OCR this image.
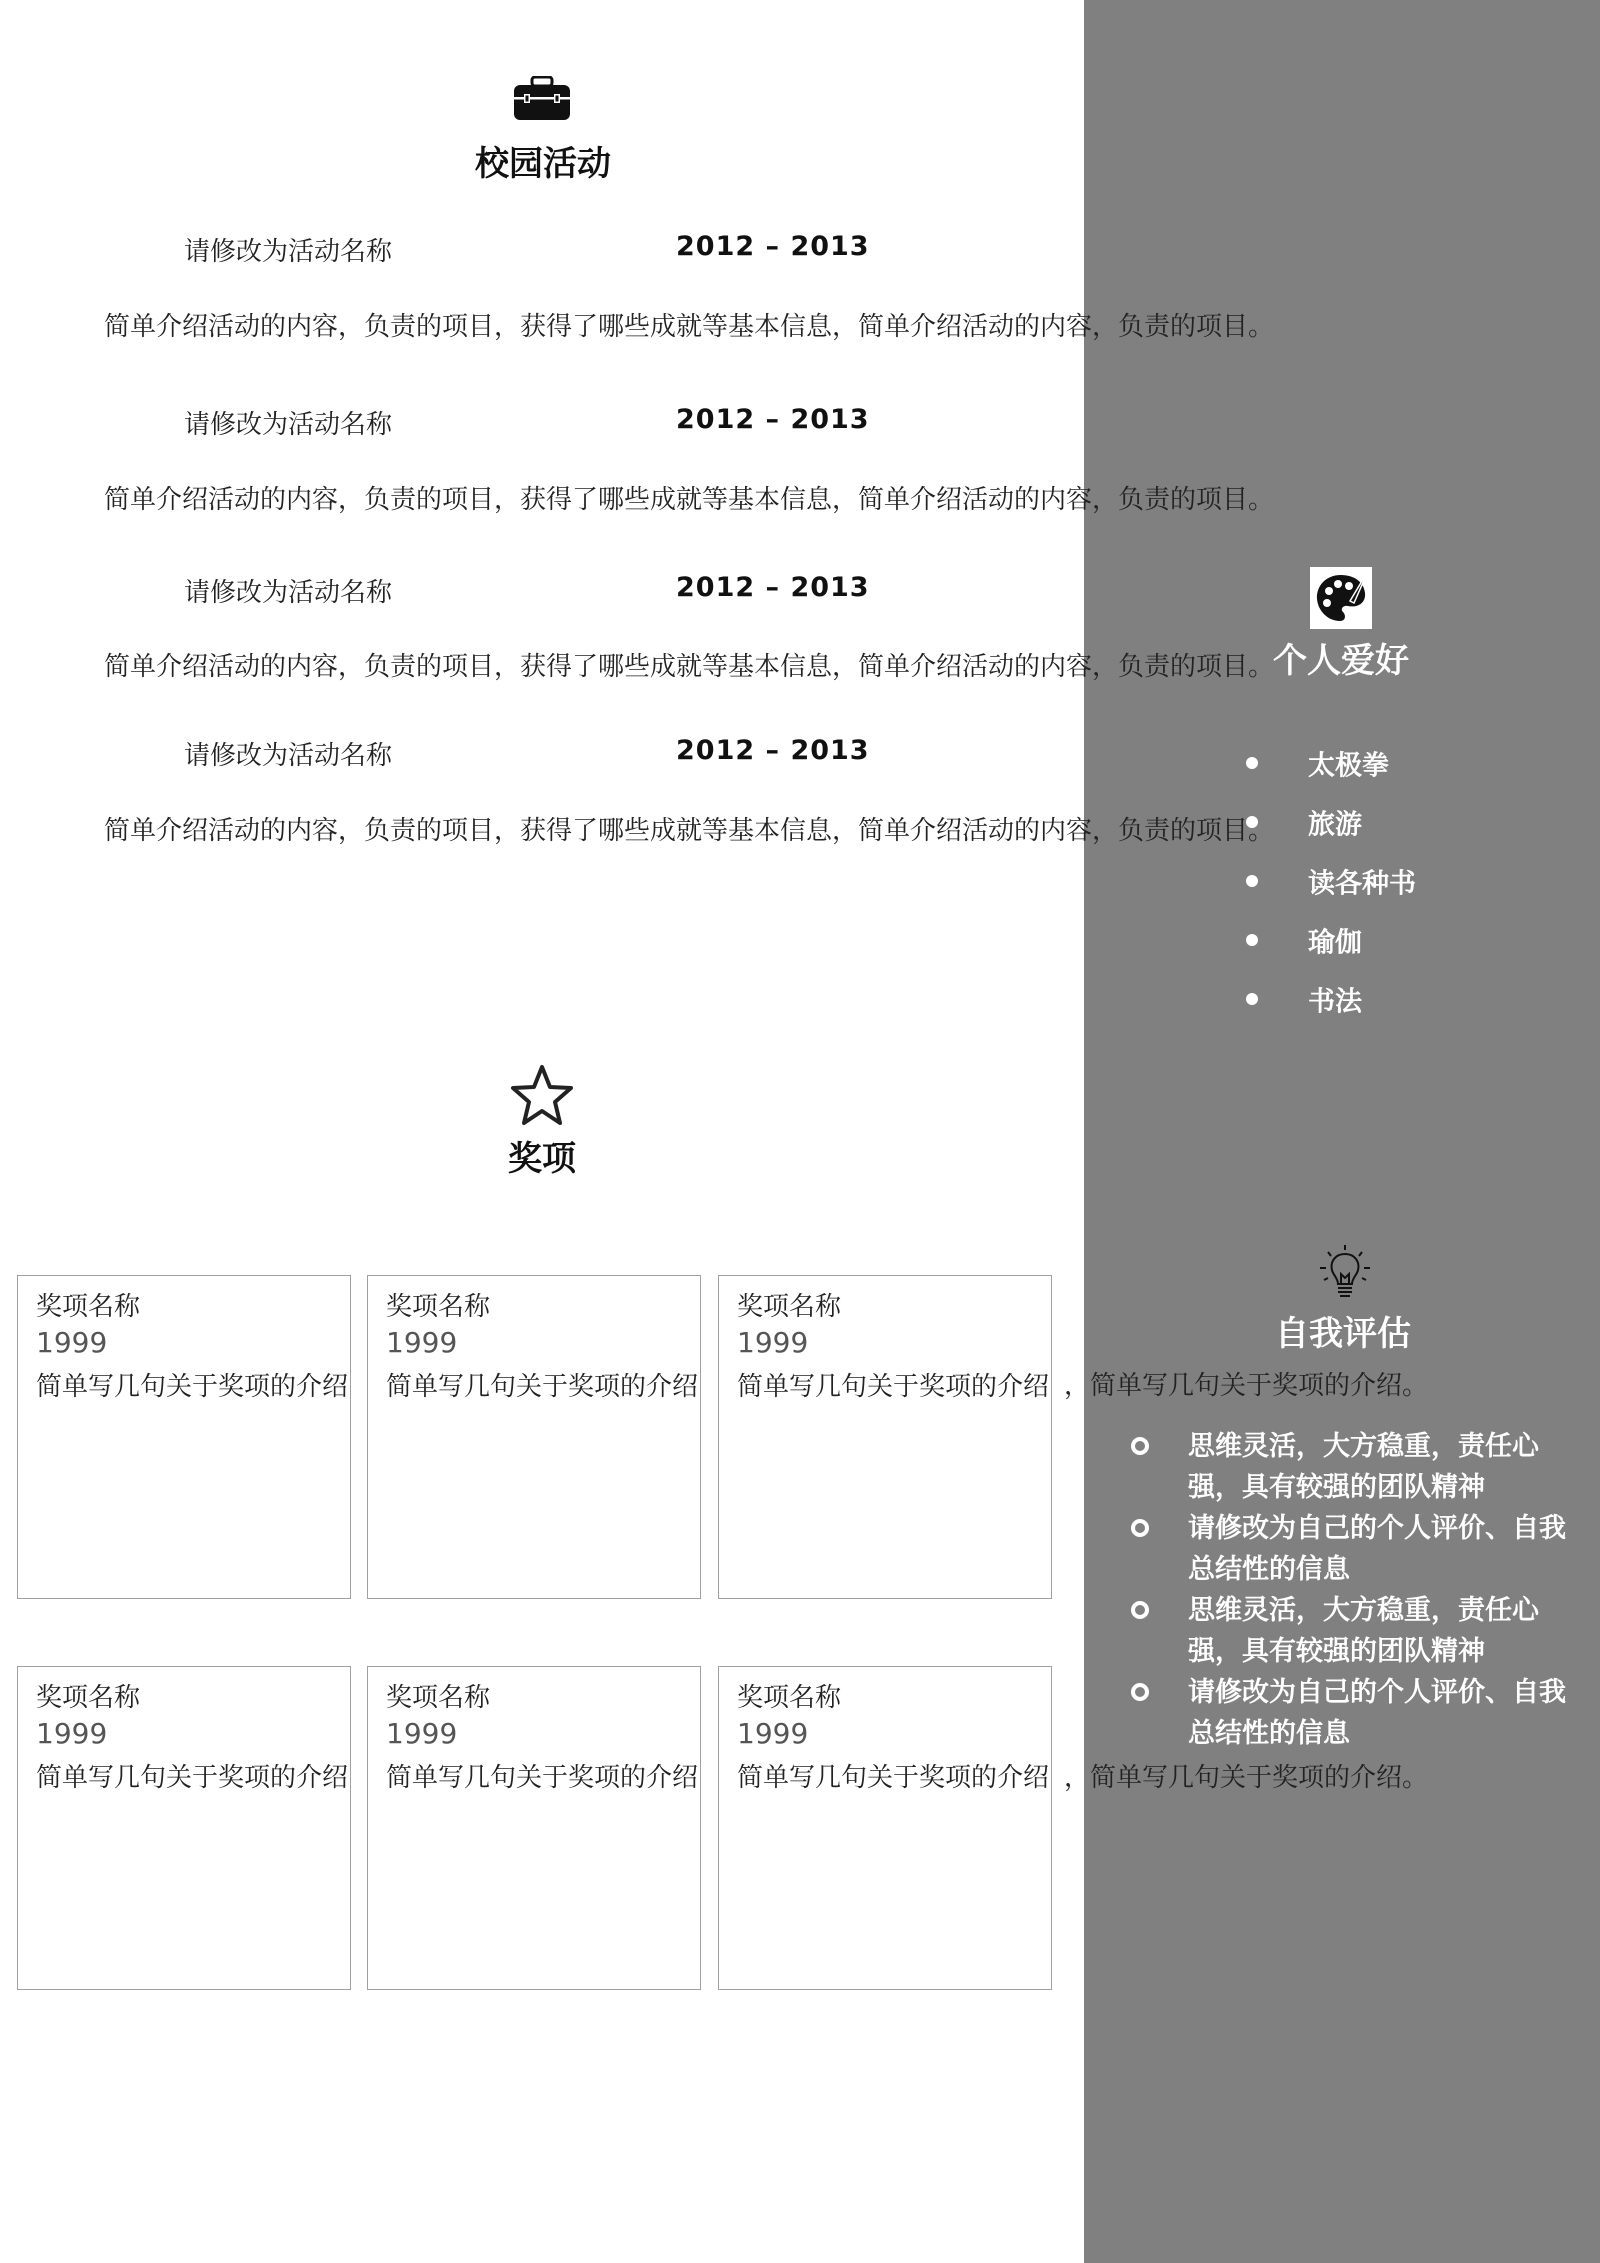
校园活动
请修改为活动名称	2012 – 2013
简单介绍活动的内容，负责的项目，获得了哪些成就等基本信息，简单介绍活动的内容，负责的项目。
请修改为活动名称	2012 – 2013
简单介绍活动的内容，负责的项目，获得了哪些成就等基本信息，简单介绍活动的内容，负责的项目。
请修改为活动名称	2012 – 2013
简单介绍活动的内容，负责的项目，获得了哪些成就等基本信息，简单介绍活动的内容，负责的项目。
请修改为活动名称	2012 – 2013
简单介绍活动的内容，负责的项目，获得了哪些成就等基本信息，简单介绍活动的内容，负责的项目。
个人爱好
太极拳
旅游
读各种书
瑜伽
书法
奖项
奖项名称
1999
简单写几句关于奖项的介绍
奖项名称
1999
简单写几句关于奖项的介绍
奖项名称
1999
简单写几句关于奖项的介绍 ，简单写几句关于奖项的介绍。
奖项名称
1999
简单写几句关于奖项的介绍
奖项名称
1999
简单写几句关于奖项的介绍
奖项名称
1999
简单写几句关于奖项的介绍 ，简单写几句关于奖项的介绍。
自我评估
思维灵活，大方稳重，责任心强，具有较强的团队精神
请修改为自己的个人评价、自我总结性的信息
思维灵活，大方稳重，责任心强，具有较强的团队精神
请修改为自己的个人评价、自我总结性的信息
